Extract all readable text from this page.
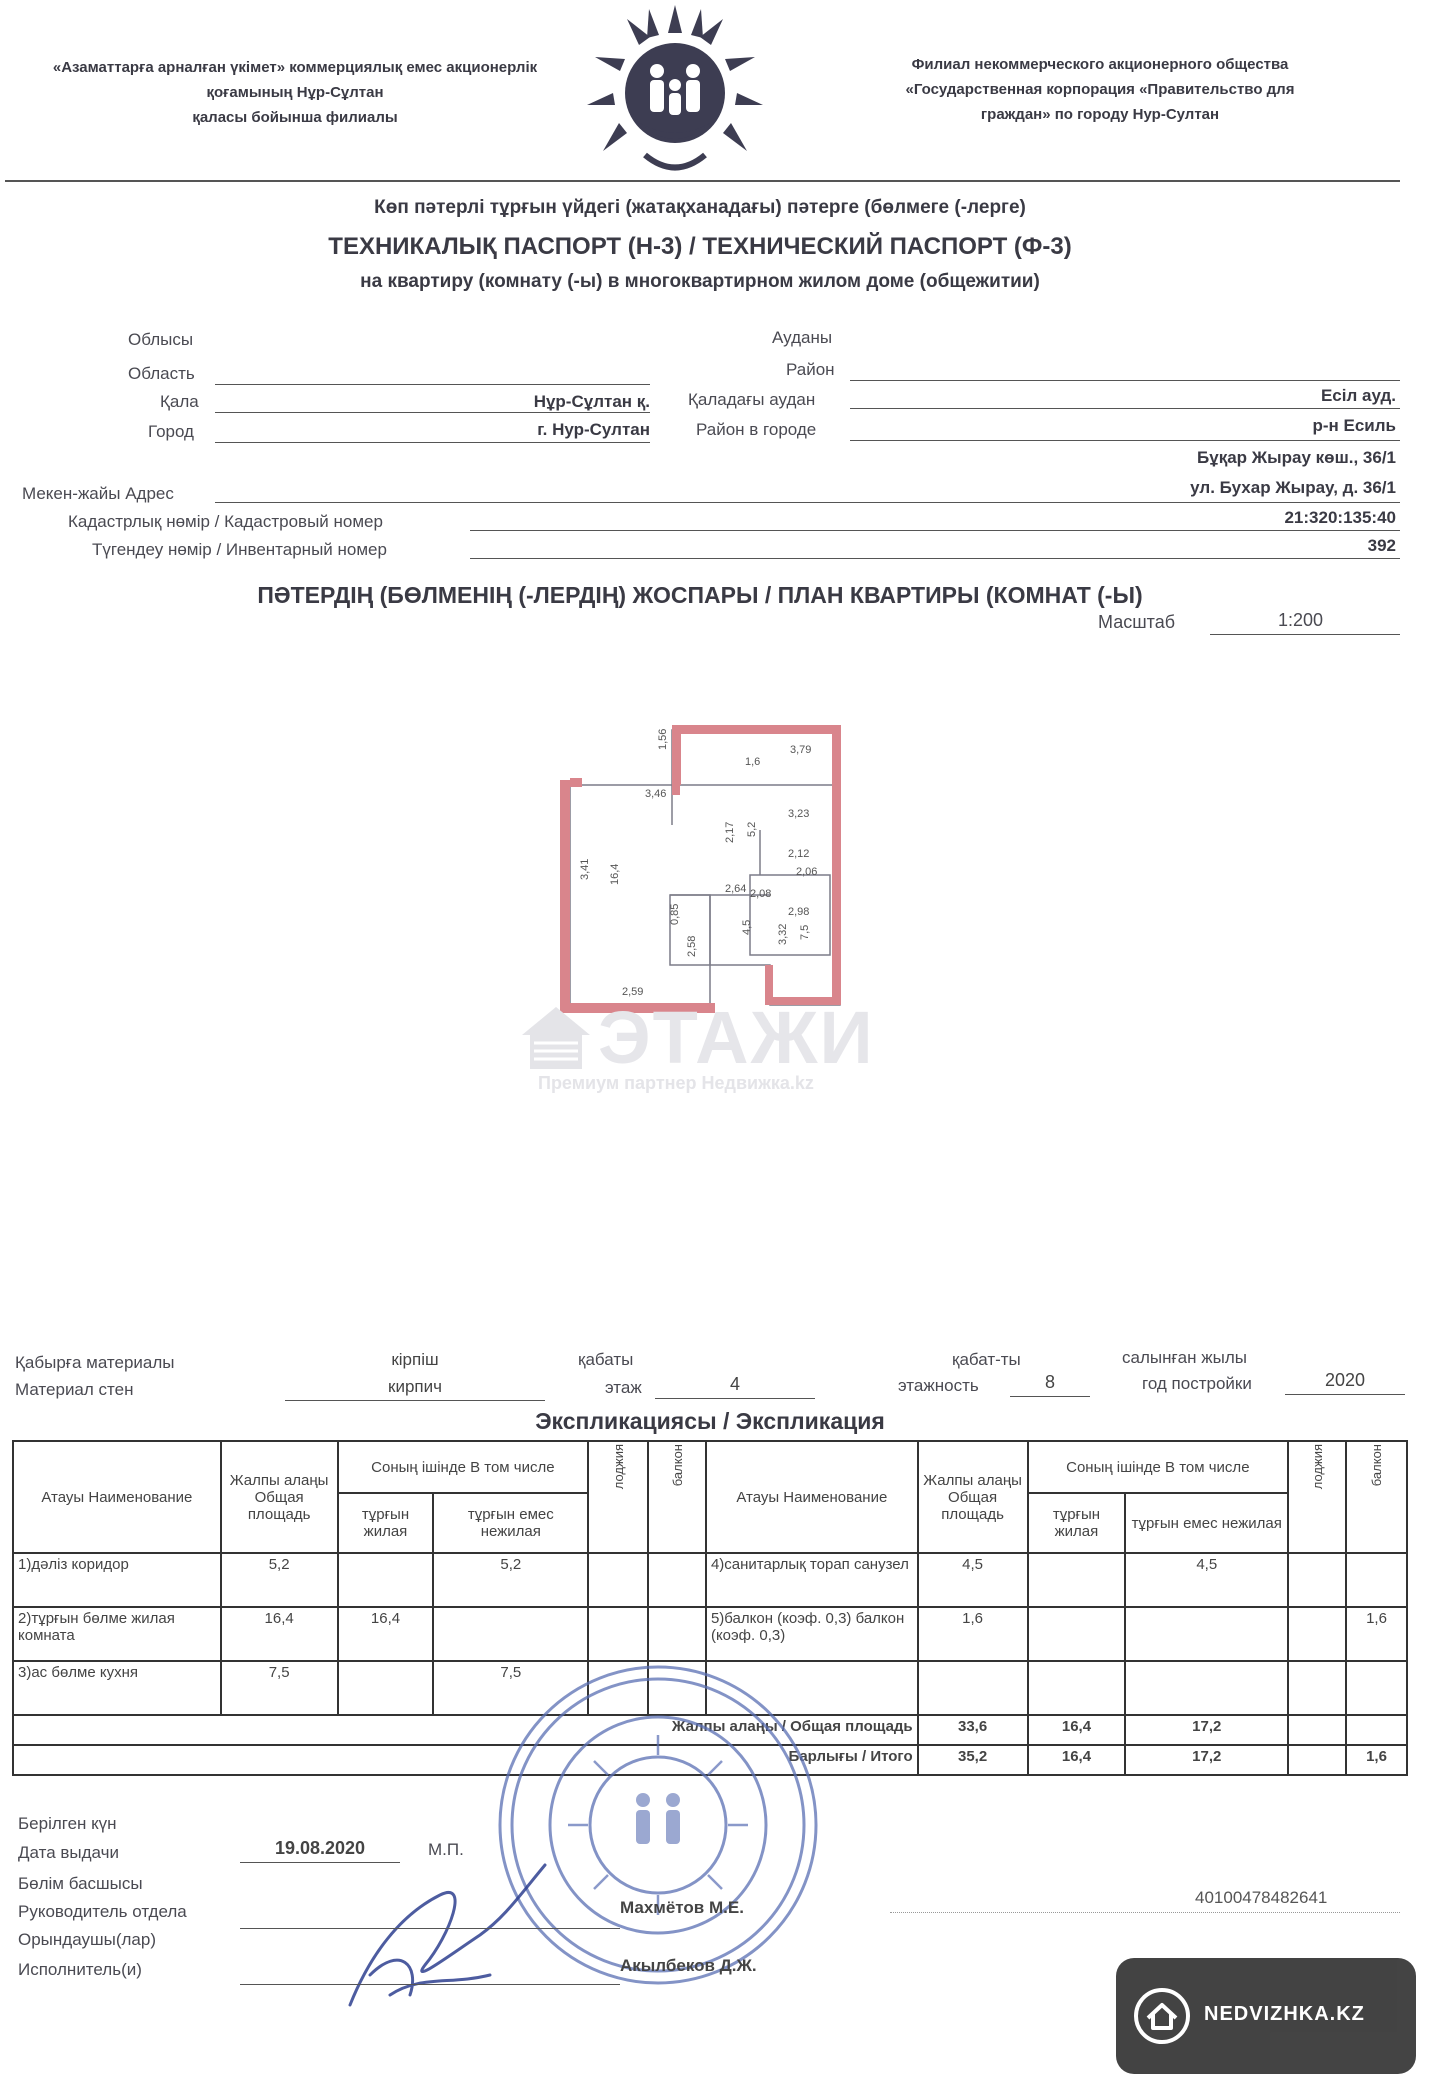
«Азаматтарға арналған үкімет» коммерциялық емес акционерлік
қоғамының Нұр-Сұлтан
қаласы бойынша филиалы
Филиал некоммерческого акционерного общества
«Государственная корпорация «Правительство для
граждан» по городу Нур-Султан
Көп пәтерлі тұрғын үйдегі (жатақханадағы) пәтерге (бөлмеге (-лерге)
ТЕХНИКАЛЫҚ ПАСПОРТ (Н-3) / ТЕХНИЧЕСКИЙ ПАСПОРТ (Ф-3)
на квартиру (комнату (-ы) в многоквартирном жилом доме (общежитии)
Облысы
Область
Ауданы
Район
Қала	Нұр-Сұлтан қ.
Город	г. Нур-Султан
Қаладағы аудан	Есіл ауд.
Район в городе	р-н Есиль
Бұқар Жырау көш., 36/1
Мекен-жайы Адрес	ул. Бухар Жырау, д. 36/1
Кадастрлық нөмір / Кадастровый номер	21:320:135:40
Түгендеу нөмір / Инвентарный номер	392
ПӘТЕРДІҢ (БӨЛМЕНІҢ (-ЛЕРДІҢ) ЖОСПАРЫ / ПЛАН КВАРТИРЫ (КОМНАТ (-Ы)
Масштаб	1:200
1,56	3,79
1,6
3,46
3,23
5,2
3,41 16,4
2,17
2,12
2,06
0,85
2,64 2,08
2,98
3,32 7,5
4,5
2,58
2,59
ЭТАЖИ
Премиум партнер Недвижка.kz
Қабырға материалы
Материал стен
кірпіш
кирпич
қабаты
этаж	4
қабат-ты
этажность	8
салынған жылы
год постройки	2020
Экспликациясы / Экспликация
Атауы Наименование	Жалпы алаңы Общая площадь	Соның ішінде В том числе		лоджия	балкон	Атауы Наименование	Жалпы алаңы Общая площадь	Соның ішінде В том числе		лоджия	балкон

		тұрғын жилая	тұрғын емес нежилая					тұрғын жилая	тұрғын емес нежилая		
1)дәліз коридор	5,2		5,2			4)санитарлық торап санузел	4,5		4,5		
2)тұрғын бөлме жилая комната	16,4	16,4				5)балкон (коэф. 0,3) балкон (коэф. 0,3)	1,6				1,6
3)ас бөлме кухня	7,5		7,5								
Жалпы алаңы / Общая площадь							33,6	16,4	17,2		
Барлығы / Итого							35,2	16,4	17,2		1,6
Берілген күн
Дата выдачи	19.08.2020	М.П.
Бөлім басшысы
Руководитель отдела	Махмётов М.Е.
Орындаушы(лар)
Исполнитель(и)	Акылбеков Д.Ж.
40100478482641
NEDVIZHKA.KZ
